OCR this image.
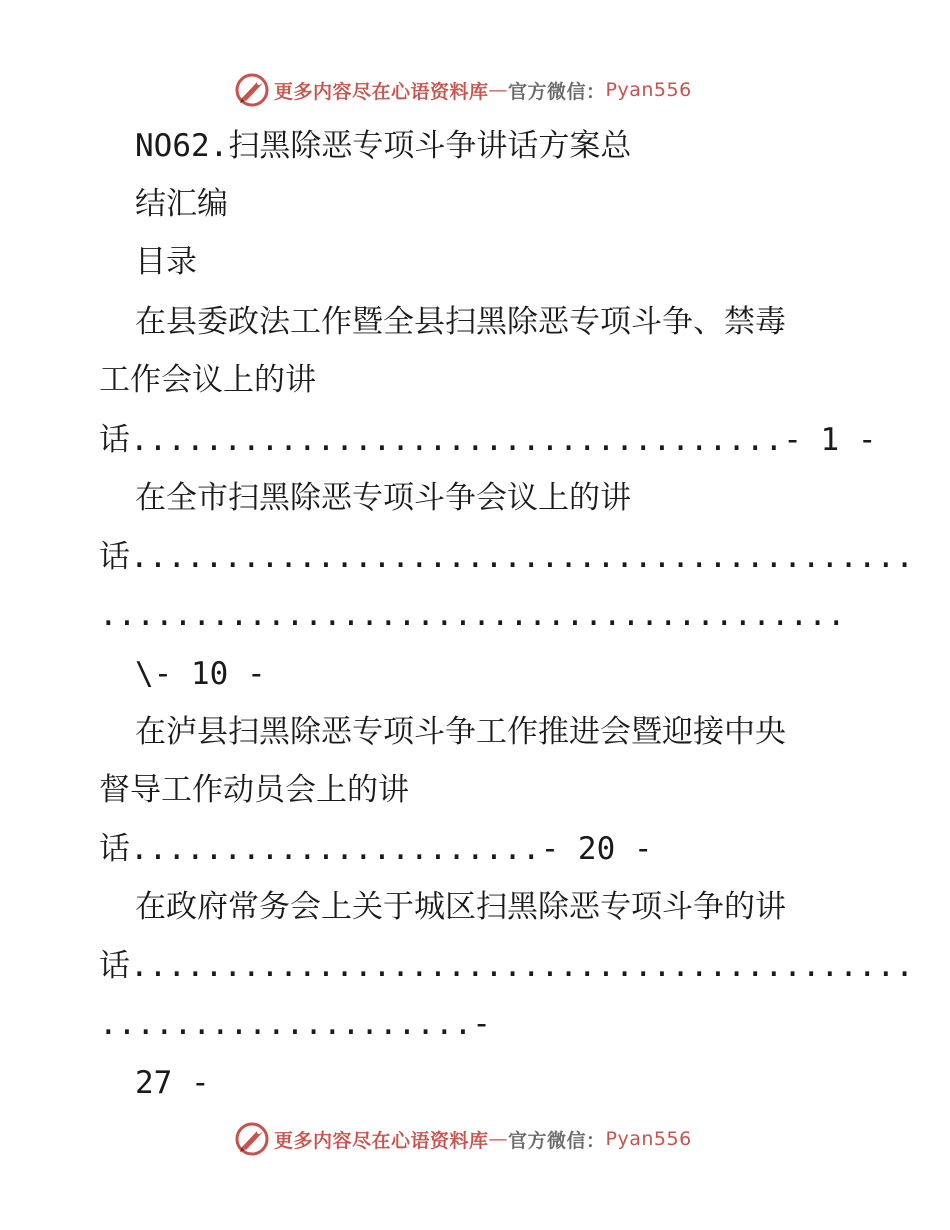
更多内容尽在心语资料库 — 官方微信： Pyan556
NO62.扫黑除恶专项斗争讲话方案总
结汇编
目录
在县委政法工作暨全县扫黑除恶专项斗争、禁毒
工作会议上的讲
话...................................- 1 -
在全市扫黑除恶专项斗争会议上的讲
话..........................................
........................................
\- 10 -
在泸县扫黑除恶专项斗争工作推进会暨迎接中央
督导工作动员会上的讲
话......................- 20 -
在政府常务会上关于城区扫黑除恶专项斗争的讲
话..........................................
....................-
27 -
更多内容尽在心语资料库 — 官方微信： Pyan556
